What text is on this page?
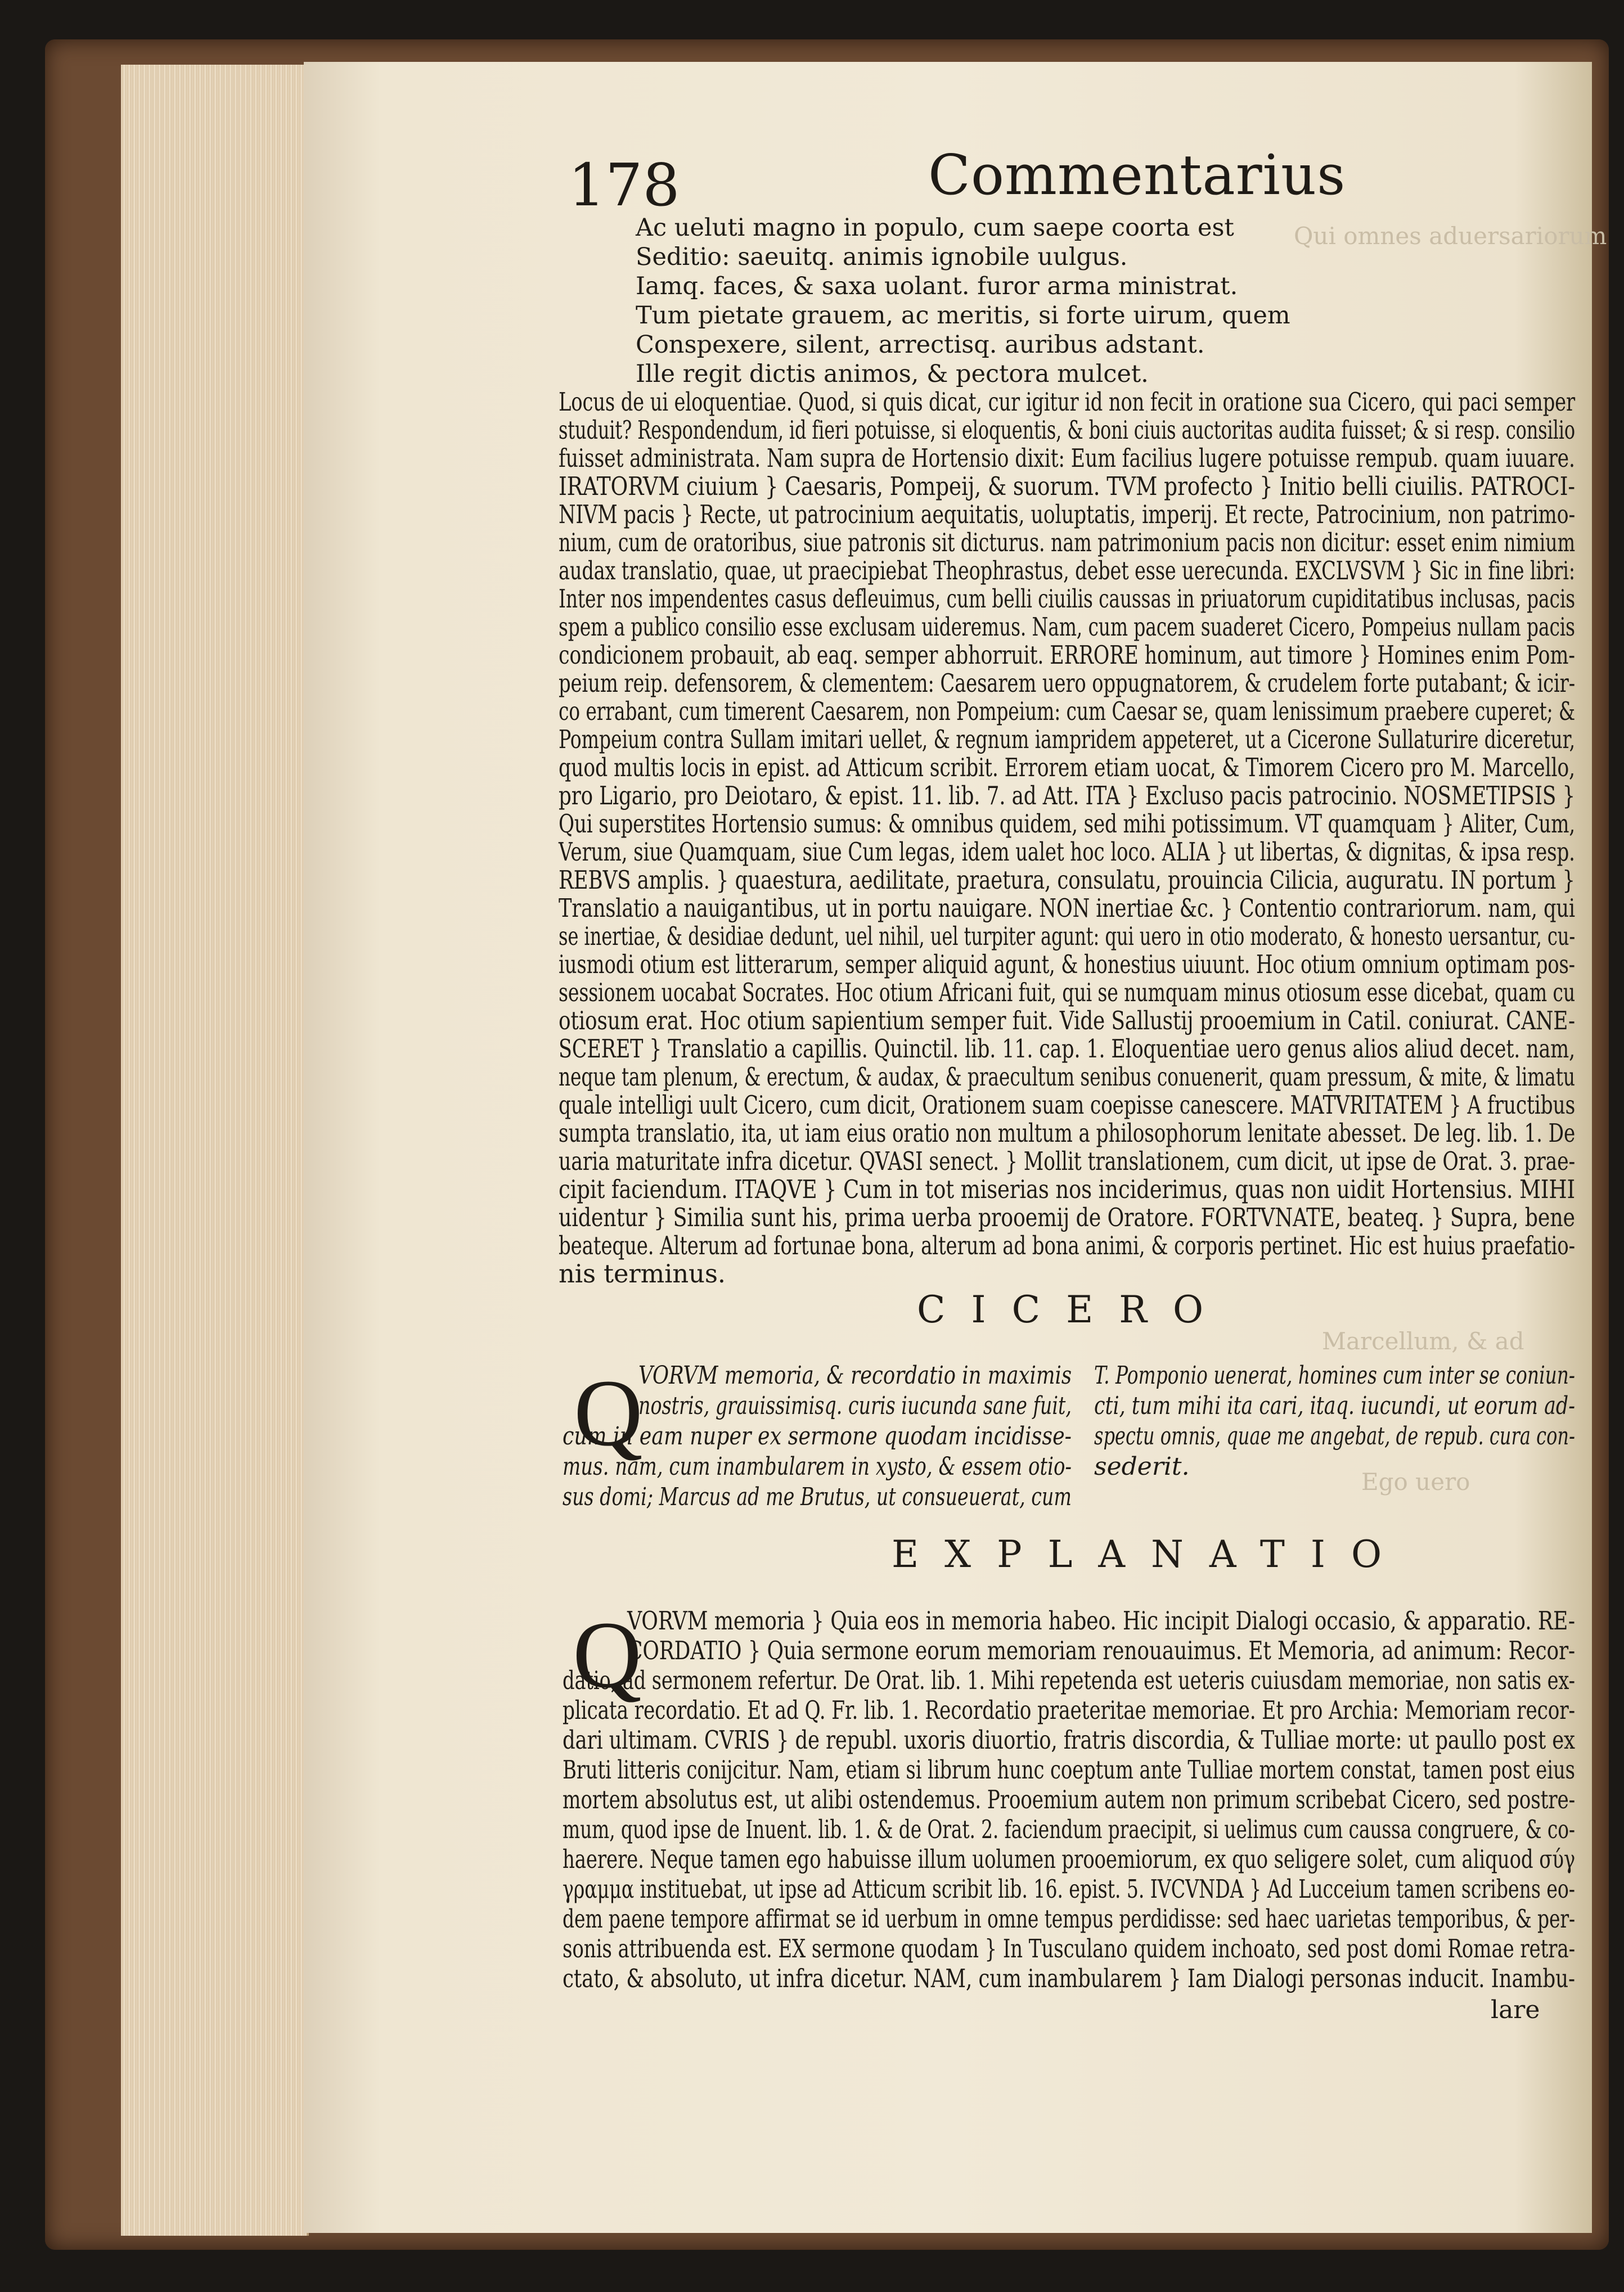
Qui omnes aduersariorum
Marcellum, & ad
Ego uero
178	Commentarius
Ac ueluti magno in populo, cum saepe coorta est
Seditio: saeuitq. animis ignobile uulgus.
Iamq. faces, & saxa uolant. furor arma ministrat.
Tum pietate grauem, ac meritis, si forte uirum, quem
Conspexere, silent, arrectisq. auribus adstant.
Ille regit dictis animos, & pectora mulcet.
Locus de ui eloquentiae. Quod, si quis dicat, cur igitur id non fecit in oratione sua Cicero, qui paci semper
studuit? Respondendum, id fieri potuisse, si eloquentis, & boni ciuis auctoritas audita fuisset; & si resp. consilio
fuisset administrata. Nam supra de Hortensio dixit: Eum facilius lugere potuisse rempub. quam iuuare.
IRATORVM ciuium } Caesaris, Pompeij, & suorum. TVM profecto } Initio belli ciuilis. PATROCI-
NIVM pacis } Recte, ut patrocinium aequitatis, uoluptatis, imperij. Et recte, Patrocinium, non patrimo-
nium, cum de oratoribus, siue patronis sit dicturus. nam patrimonium pacis non dicitur: esset enim nimium
audax translatio, quae, ut praecipiebat Theophrastus, debet esse uerecunda. EXCLVSVM } Sic in fine libri:
Inter nos impendentes casus defleuimus, cum belli ciuilis caussas in priuatorum cupiditatibus inclusas, pacis
spem a publico consilio esse exclusam uideremus. Nam, cum pacem suaderet Cicero, Pompeius nullam pacis
condicionem probauit, ab eaq. semper abhorruit. ERRORE hominum, aut timore } Homines enim Pom-
peium reip. defensorem, & clementem: Caesarem uero oppugnatorem, & crudelem forte putabant; & icir-
co errabant, cum timerent Caesarem, non Pompeium: cum Caesar se, quam lenissimum praebere cuperet; &
Pompeium contra Sullam imitari uellet, & regnum iampridem appeteret, ut a Cicerone Sullaturire diceretur,
quod multis locis in epist. ad Atticum scribit. Errorem etiam uocat, & Timorem Cicero pro M. Marcello,
pro Ligario, pro Deiotaro, & epist. 11. lib. 7. ad Att. ITA } Excluso pacis patrocinio. NOSMETIPSIS }
Qui superstites Hortensio sumus: & omnibus quidem, sed mihi potissimum. VT quamquam } Aliter, Cum,
Verum, siue Quamquam, siue Cum legas, idem ualet hoc loco. ALIA } ut libertas, & dignitas, & ipsa resp.
REBVS amplis. } quaestura, aedilitate, praetura, consulatu, prouincia Cilicia, auguratu. IN portum }
Translatio a nauigantibus, ut in portu nauigare. NON inertiae &c. } Contentio contrariorum. nam, qui
se inertiae, & desidiae dedunt, uel nihil, uel turpiter agunt: qui uero in otio moderato, & honesto uersantur, cu-
iusmodi otium est litterarum, semper aliquid agunt, & honestius uiuunt. Hoc otium omnium optimam pos-
sessionem uocabat Socrates. Hoc otium Africani fuit, qui se numquam minus otiosum esse dicebat, quam cu
otiosum erat. Hoc otium sapientium semper fuit. Vide Sallustij prooemium in Catil. coniurat. CANE-
SCERET } Translatio a capillis. Quinctil. lib. 11. cap. 1. Eloquentiae uero genus alios aliud decet. nam,
neque tam plenum, & erectum, & audax, & praecultum senibus conuenerit, quam pressum, & mite, & limatu
quale intelligi uult Cicero, cum dicit, Orationem suam coepisse canescere. MATVRITATEM } A fructibus
sumpta translatio, ita, ut iam eius oratio non multum a philosophorum lenitate abesset. De leg. lib. 1. De
uaria maturitate infra dicetur. QVASI senect. } Mollit translationem, cum dicit, ut ipse de Orat. 3. prae-
cipit faciendum. ITAQVE } Cum in tot miserias nos inciderimus, quas non uidit Hortensius. MIHI
uidentur } Similia sunt his, prima uerba prooemij de Oratore. FORTVNATE, beateq. } Supra, bene
beateque. Alterum ad fortunae bona, alterum ad bona animi, & corporis pertinet. Hic est huius praefatio-
nis terminus.
CICERO
Q
VORVM memoria, & recordatio in maximis
nostris, grauissimisq. curis iucunda sane fuit,
cum in eam nuper ex sermone quodam incidisse-
mus. nam, cum inambularem in xysto, & essem otio-
sus domi; Marcus ad me Brutus, ut consueuerat, cum
T. Pomponio uenerat, homines cum inter se coniun-
cti, tum mihi ita cari, itaq. iucundi, ut eorum ad-
spectu omnis, quae me angebat, de repub. cura con-
sederit.
EXPLANATIO
Q
VORVM memoria } Quia eos in memoria habeo. Hic incipit Dialogi occasio, & apparatio. RE-
CORDATIO } Quia sermone eorum memoriam renouauimus. Et Memoria, ad animum: Recor-
datio, ad sermonem refertur. De Orat. lib. 1. Mihi repetenda est ueteris cuiusdam memoriae, non satis ex-
plicata recordatio. Et ad Q. Fr. lib. 1. Recordatio praeteritae memoriae. Et pro Archia: Memoriam recor-
dari ultimam. CVRIS } de republ. uxoris diuortio, fratris discordia, & Tulliae morte: ut paullo post ex
Bruti litteris conijcitur. Nam, etiam si librum hunc coeptum ante Tulliae mortem constat, tamen post eius
mortem absolutus est, ut alibi ostendemus. Prooemium autem non primum scribebat Cicero, sed postre-
mum, quod ipse de Inuent. lib. 1. & de Orat. 2. faciendum praecipit, si uelimus cum caussa congruere, & co-
haerere. Neque tamen ego habuisse illum uolumen prooemiorum, ex quo seligere solet, cum aliquod σύγ
γραμμα instituebat, ut ipse ad Atticum scribit lib. 16. epist. 5. IVCVNDA } Ad Lucceium tamen scribens eo-
dem paene tempore affirmat se id uerbum in omne tempus perdidisse: sed haec uarietas temporibus, & per-
sonis attribuenda est. EX sermone quodam } In Tusculano quidem inchoato, sed post domi Romae retra-
ctato, & absoluto, ut infra dicetur. NAM, cum inambularem } Iam Dialogi personas inducit. Inambu-
lare
